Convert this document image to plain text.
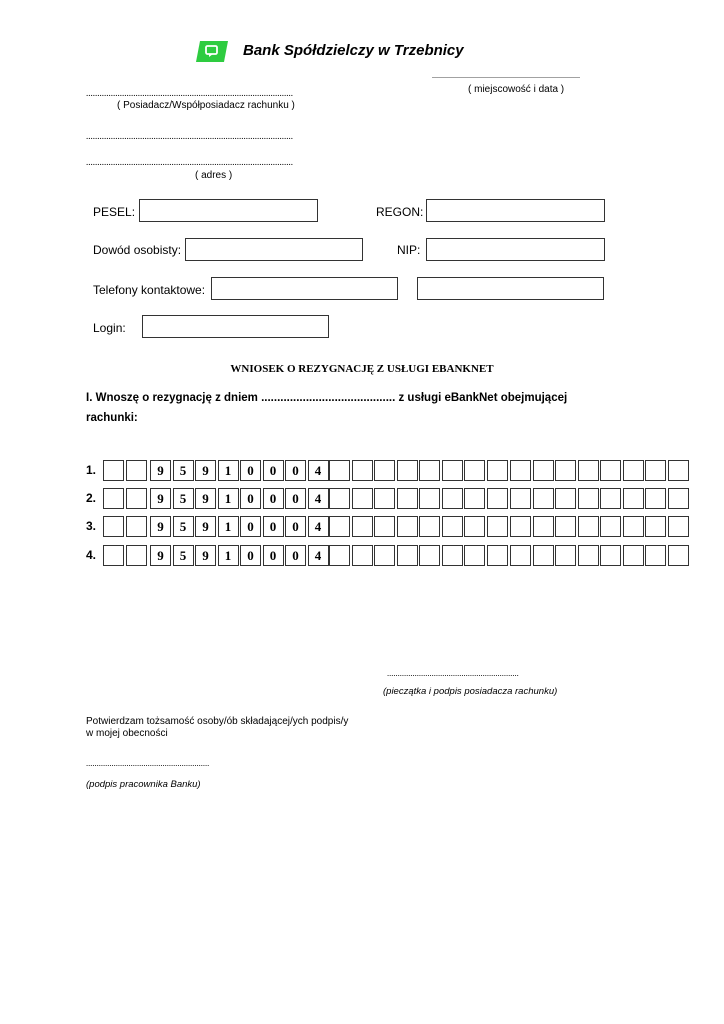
Bank Spółdzielczy w Trzebnicy
..........................................................................
( miejscowość i data )
............................................................................................
( Posiadacz/Współposiadacz rachunku )
............................................................................................
............................................................................................
( adres )
PESEL:	REGON:
Dowód osobisty:	NIP:
Telefony kontaktowe:
Login:
WNIOSEK O REZYGNACJĘ Z USŁUGI EBANKNET
I. Wnoszę o rezygnację z dniem .......................................... z usługi eBankNet obejmującej
rachunki:
1.	9	5	9	1	0	0	0	4
2.	9	5	9	1	0	0	0	4
3.	9	5	9	1	0	0	0	4
4.	9	5	9	1	0	0	0	4
..............................................................
(pieczątka i podpis posiadacza rachunku)
Potwierdzam tożsamość osoby/ób składającej/ych podpis/y
w mojej obecności
..........................................................
(podpis pracownika Banku)
